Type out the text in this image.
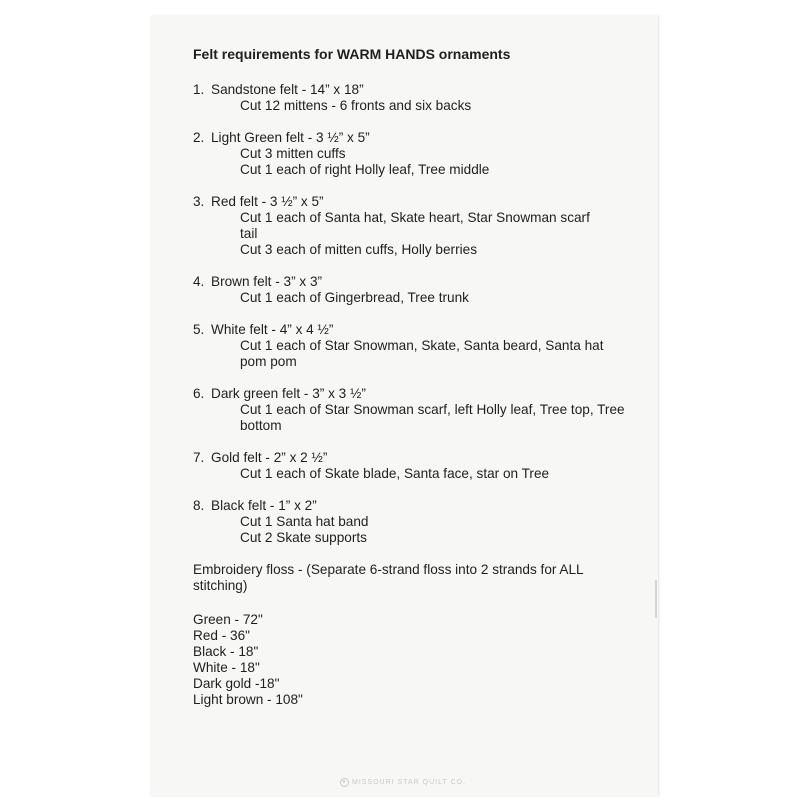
Felt requirements for WARM HANDS ornaments
1. Sandstone felt - 14” x 18”
Cut 12 mittens - 6 fronts and six backs
2. Light Green felt - 3 ½” x 5”
Cut 3 mitten cuffs
Cut 1 each of right Holly leaf, Tree middle
3. Red felt - 3 ½” x 5”
Cut 1 each of Santa hat, Skate heart, Star Snowman scarf tail
Cut 3 each of mitten cuffs, Holly berries
4. Brown felt - 3” x 3”
Cut 1 each of Gingerbread, Tree trunk
5. White felt - 4” x 4 ½”
Cut 1 each of Star Snowman, Skate, Santa beard, Santa hat pom pom
6. Dark green felt - 3” x 3 ½”
Cut 1 each of Star Snowman scarf, left Holly leaf, Tree top, Tree bottom
7. Gold felt - 2” x 2 ½”
Cut 1 each of Skate blade, Santa face, star on Tree
8. Black felt - 1” x 2”
Cut 1 Santa hat band
Cut 2 Skate supports
Embroidery floss - (Separate 6-strand floss into 2 strands for ALL stitching)
Green - 72"
Red - 36"
Black - 18"
White - 18"
Dark gold -18"
Light brown - 108"
★ MISSOURI STAR QUILT CO.
